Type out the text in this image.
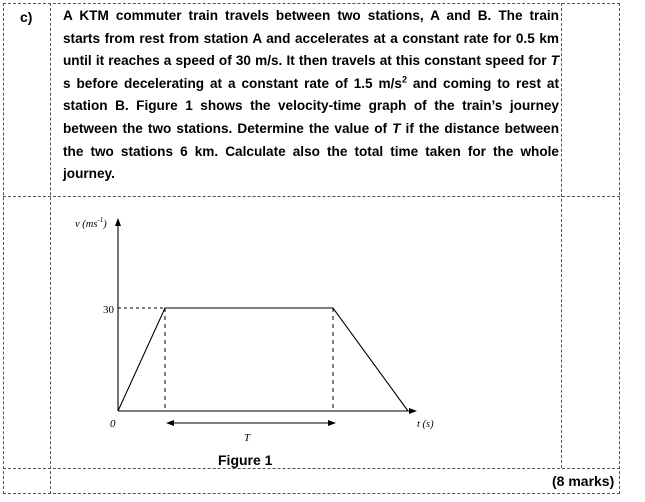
c) A KTM commuter train travels between two stations, A and B. The train starts from rest from station A and accelerates at a constant rate for 0.5 km until it reaches a speed of 30 m/s. It then travels at this constant speed for T s before decelerating at a constant rate of 1.5 $m/s^2$ and coming to rest at station B. Figure 1 shows the velocity-time graph of the train’s journey between the two stations. Determine the value of T if the distance between the two stations 6 km. Calculate also the total time taken for the whole journey.
v $(ms^{-1})$
t (s)
30
0
T
Figure 1
(8 marks)
